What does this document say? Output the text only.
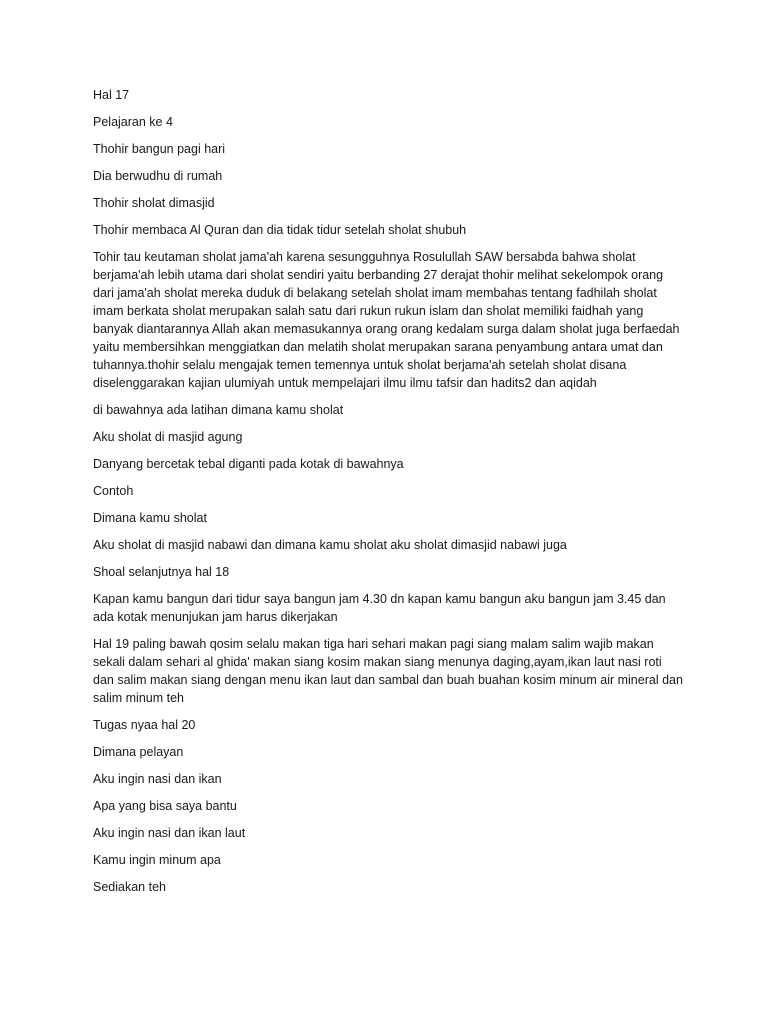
Hal 17

Pelajaran ke 4

Thohir bangun pagi hari

Dia berwudhu di rumah

Thohir sholat dimasjid

Thohir membaca Al Quran dan dia tidak tidur setelah sholat shubuh

Tohir tau keutaman sholat jama'ah karena sesungguhnya Rosulullah SAW bersabda bahwa sholat berjama'ah lebih utama dari sholat sendiri yaitu berbanding 27 derajat thohir melihat sekelompok orang dari jama'ah sholat mereka duduk di belakang setelah sholat imam membahas tentang fadhilah sholat imam berkata sholat merupakan salah satu dari rukun rukun islam dan sholat memiliki faidhah yang banyak diantarannya Allah akan memasukannya orang orang kedalam surga dalam sholat juga berfaedah yaitu membersihkan menggiatkan dan melatih sholat merupakan sarana penyambung antara umat dan tuhannya.thohir selalu mengajak temen temennya untuk sholat berjama'ah setelah sholat disana diselenggarakan kajian ulumiyah untuk mempelajari ilmu ilmu tafsir dan hadits2 dan aqidah

di bawahnya ada latihan dimana kamu sholat

Aku sholat di masjid agung

Danyang bercetak tebal diganti pada kotak di bawahnya

Contoh

Dimana kamu sholat

Aku sholat di masjid nabawi dan dimana kamu sholat aku sholat dimasjid nabawi juga

Shoal selanjutnya hal 18

Kapan kamu bangun dari tidur saya bangun jam 4.30 dn kapan kamu bangun aku bangun jam 3.45 dan ada kotak menunjukan jam harus dikerjakan

Hal 19 paling bawah qosim selalu makan tiga hari sehari makan pagi siang malam salim wajib makan sekali dalam sehari al ghida' makan siang kosim makan siang menunya daging,ayam,ikan laut nasi roti dan salim makan siang dengan menu ikan laut dan sambal dan buah buahan kosim minum air mineral dan salim minum teh

Tugas nyaa hal 20

Dimana pelayan

Aku ingin nasi dan ikan

Apa yang bisa saya bantu

Aku ingin nasi dan ikan laut

Kamu ingin minum apa

Sediakan teh
